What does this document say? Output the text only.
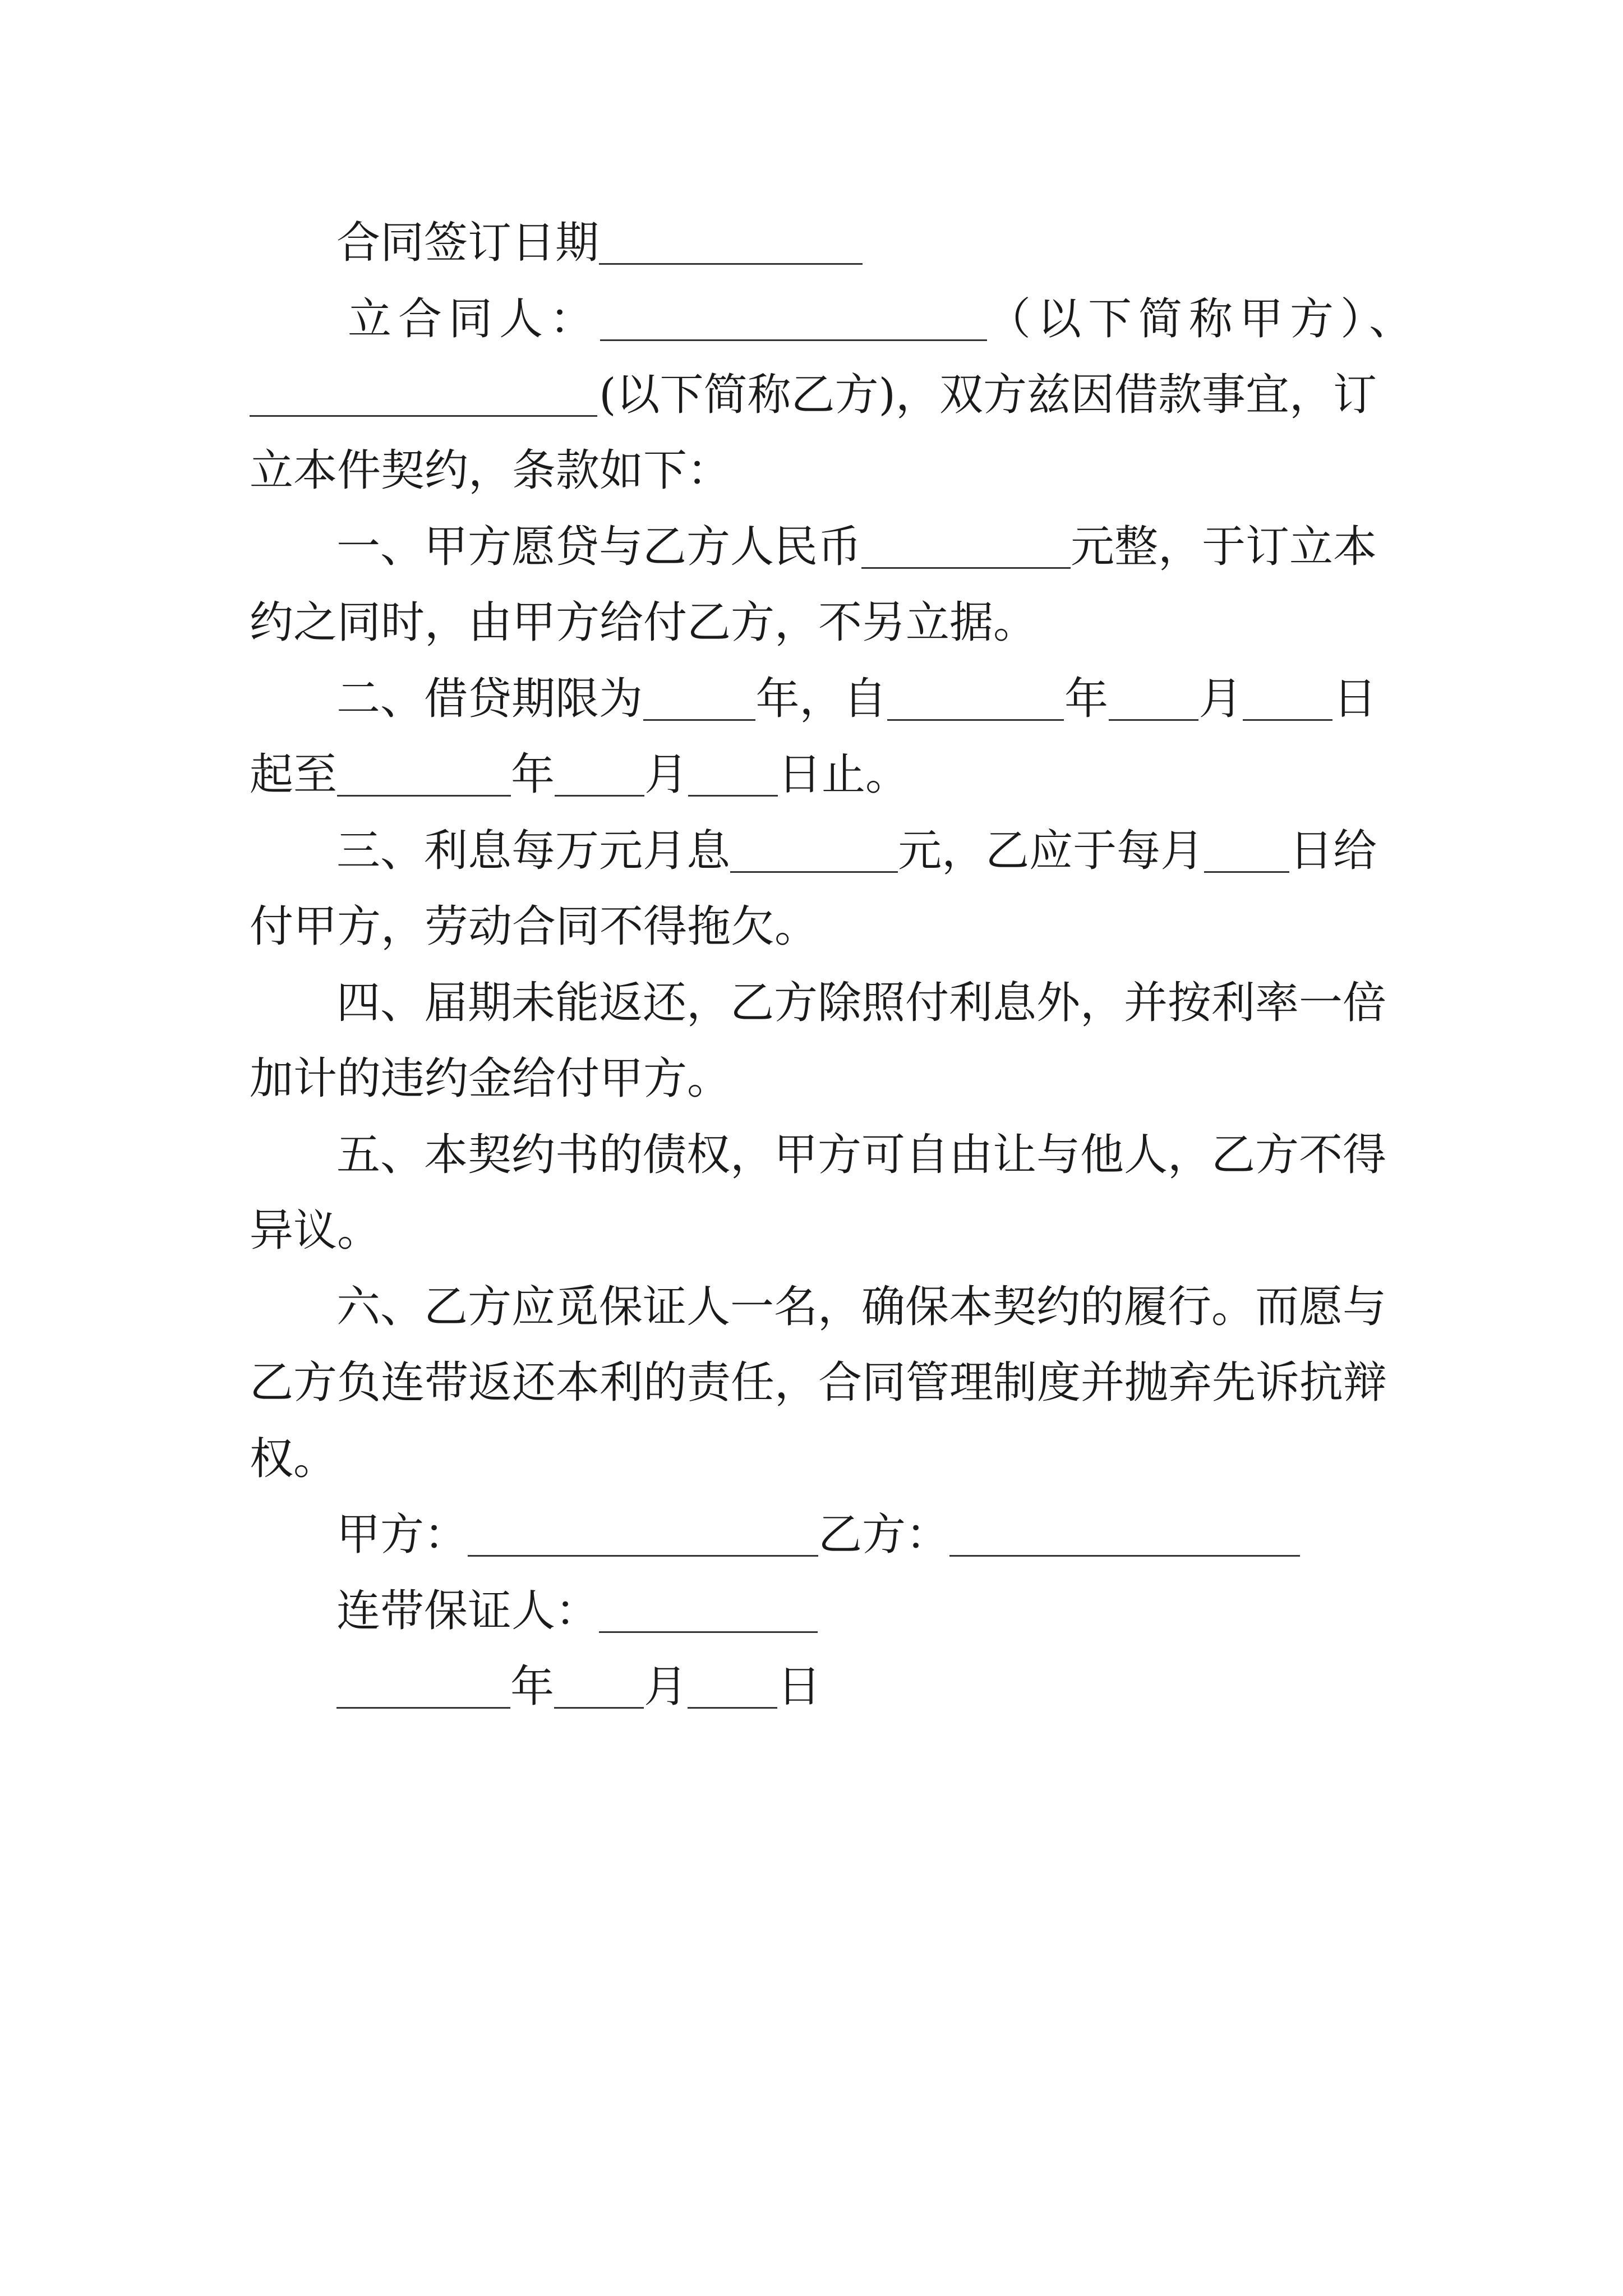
合同签订日期
立合同人：	（以下简称甲方）、
(以下简称乙方)，双方兹因借款事宜，订
立本件契约，条款如下：
一、甲方愿贷与乙方人民币	元整，于订立本
约之同时，由甲方给付乙方，不另立据。
二、借贷期限为	年，自	年 月 日
起至	年 月 日止。
三、利息每万元月息	元，乙应于每月 日给
付甲方，劳动合同不得拖欠。
四、届期未能返还，乙方除照付利息外，并按利率一倍
加计的违约金给付甲方。
五、本契约书的债权，甲方可自由让与他人，乙方不得
异议。
六、乙方应觅保证人一名，确保本契约的履行。而愿与
乙方负连带返还本利的责任，合同管理制度并抛弃先诉抗辩
权。
甲方：	乙方：
连带保证人：
年 月 日
